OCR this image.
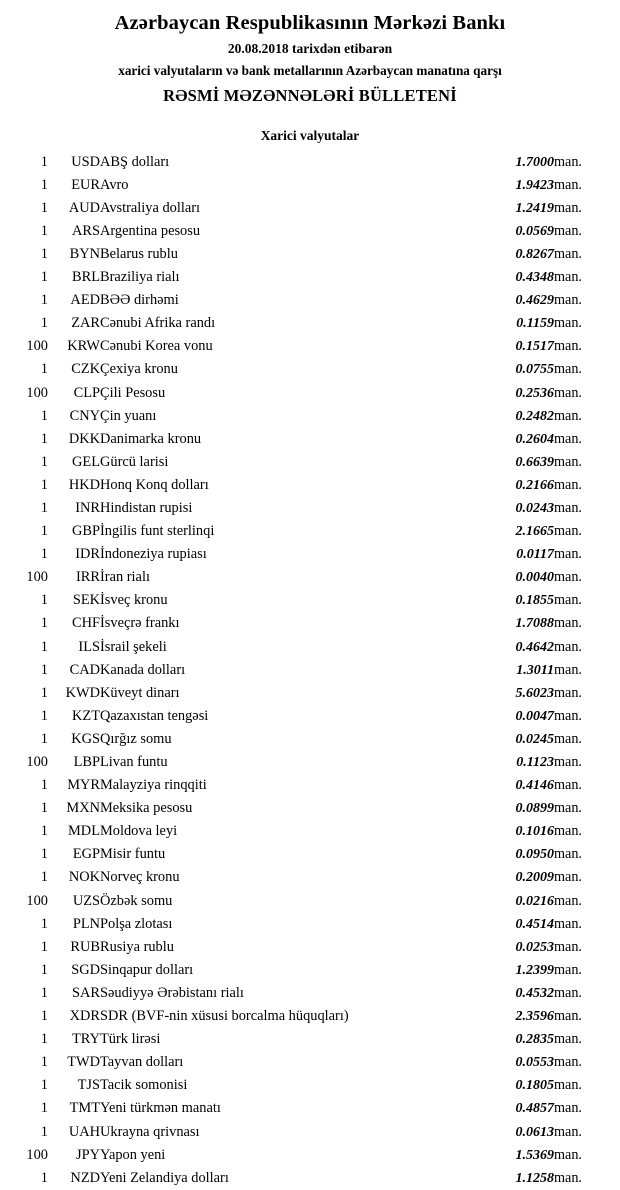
Azərbaycan Respublikasının Mərkəzi Bankı
20.08.2018 tarixdən etibarən
xarici valyutaların və bank metallarının Azərbaycan manatına qarşı
RƏSMİ MƏZƏNNƏLƏRİ BÜLLETENİ
Xarici valyutalar
1	USD	ABŞ dolları	1.7000	man.
1	EUR	Avro	1.9423	man.
1	AUD	Avstraliya dolları	1.2419	man.
1	ARS	Argentina pesosu	0.0569	man.
1	BYN	Belarus rublu	0.8267	man.
1	BRL	Braziliya rialı	0.4348	man.
1	AED	BƏƏ dirhəmi	0.4629	man.
1	ZAR	Cənubi Afrika randı	0.1159	man.
100	KRW	Cənubi Korea vonu	0.1517	man.
1	CZK	Çexiya kronu	0.0755	man.
100	CLP	Çili Pesosu	0.2536	man.
1	CNY	Çin yuanı	0.2482	man.
1	DKK	Danimarka kronu	0.2604	man.
1	GEL	Gürcü larisi	0.6639	man.
1	HKD	Honq Konq dolları	0.2166	man.
1	INR	Hindistan rupisi	0.0243	man.
1	GBP	İngilis funt sterlinqi	2.1665	man.
1	IDR	İndoneziya rupiası	0.0117	man.
100	IRR	İran rialı	0.0040	man.
1	SEK	İsveç kronu	0.1855	man.
1	CHF	İsveçrə frankı	1.7088	man.
1	ILS	İsrail şekeli	0.4642	man.
1	CAD	Kanada dolları	1.3011	man.
1	KWD	Küveyt dinarı	5.6023	man.
1	KZT	Qazaxıstan tengəsi	0.0047	man.
1	KGS	Qırğız somu	0.0245	man.
100	LBP	Livan funtu	0.1123	man.
1	MYR	Malayziya rinqqiti	0.4146	man.
1	MXN	Meksika pesosu	0.0899	man.
1	MDL	Moldova leyi	0.1016	man.
1	EGP	Misir funtu	0.0950	man.
1	NOK	Norveç kronu	0.2009	man.
100	UZS	Özbək somu	0.0216	man.
1	PLN	Polşa zlotası	0.4514	man.
1	RUB	Rusiya rublu	0.0253	man.
1	SGD	Sinqapur dolları	1.2399	man.
1	SAR	Səudiyyə Ərəbistanı rialı	0.4532	man.
1	XDR	SDR (BVF-nin xüsusi borcalma hüquqları)	2.3596	man.
1	TRY	Türk lirəsi	0.2835	man.
1	TWD	Tayvan dolları	0.0553	man.
1	TJS	Tacik somonisi	0.1805	man.
1	TMT	Yeni türkmən manatı	0.4857	man.
1	UAH	Ukrayna qrivnası	0.0613	man.
100	JPY	Yapon yeni	1.5369	man.
1	NZD	Yeni Zelandiya dolları	1.1258	man.
